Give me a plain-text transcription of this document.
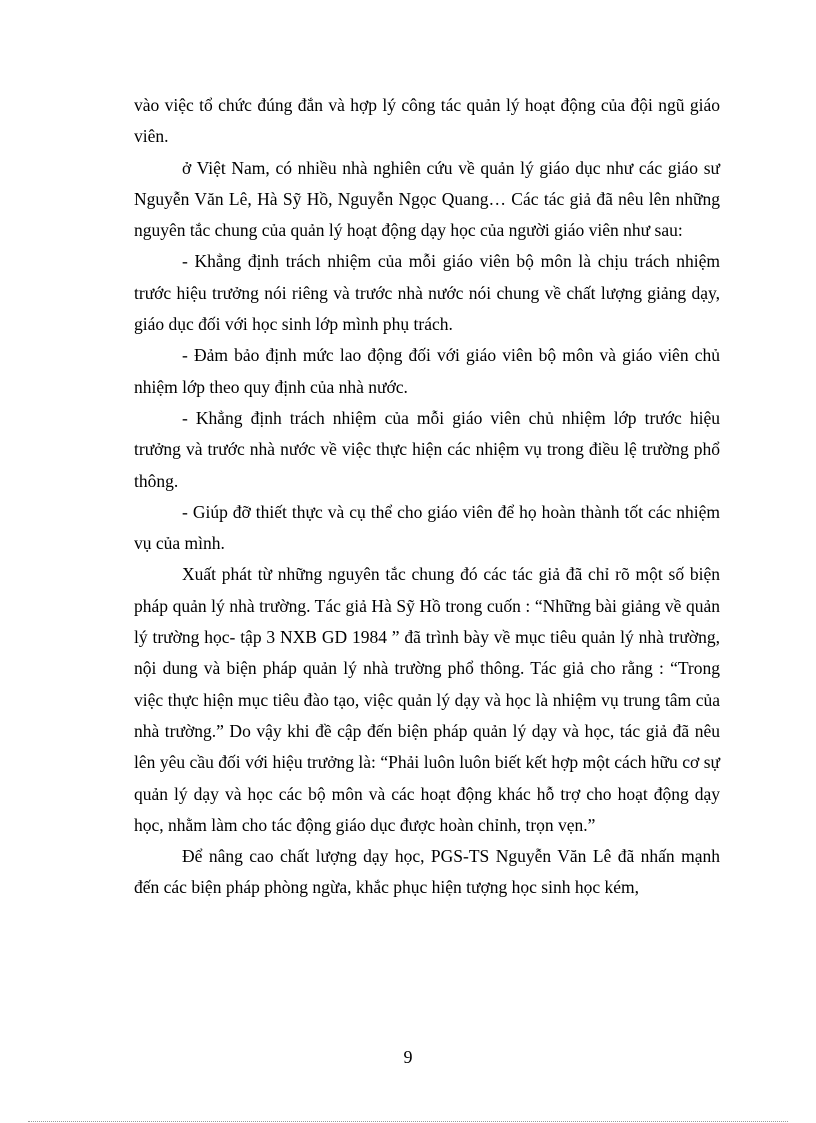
vào việc tổ chức đúng đắn và hợp lý công tác quản lý hoạt động của đội ngũ giáo viên.

ở Việt Nam, có nhiều nhà nghiên cứu về quản lý giáo dục như các giáo sư Nguyễn Văn Lê, Hà Sỹ Hồ, Nguyễn Ngọc Quang… Các tác giả đã nêu lên những nguyên tắc chung của quản lý hoạt động dạy học của người giáo viên như sau:

- Khẳng định trách nhiệm của mỗi giáo viên bộ môn là chịu trách nhiệm trước hiệu trưởng nói riêng và trước nhà nước nói chung về chất lượng giảng dạy, giáo dục đối với học sinh lớp mình phụ trách.

- Đảm bảo định mức lao động đối với giáo viên bộ môn và giáo viên chủ nhiệm lớp theo quy định của nhà nước.

- Khẳng định trách nhiệm của mỗi giáo viên chủ nhiệm lớp trước hiệu trưởng và trước nhà nước về việc thực hiện các nhiệm vụ trong điều lệ trường phổ thông.

- Giúp đỡ thiết thực và cụ thể cho giáo viên để họ hoàn thành tốt các nhiệm vụ của mình.

Xuất phát từ những nguyên tắc chung đó các tác giả đã chỉ rõ một số biện pháp quản lý nhà trường. Tác giả Hà Sỹ Hồ trong cuốn : “Những bài giảng về quản lý trường học- tập 3 NXB GD 1984 ” đã trình bày về mục tiêu quản lý nhà trường, nội dung và biện pháp quản lý nhà trường phổ thông. Tác giả cho rằng : “Trong việc thực hiện mục tiêu đào tạo, việc quản lý dạy và học là nhiệm vụ trung tâm của nhà trường.” Do vậy khi đề cập đến biện pháp quản lý dạy và học, tác giả đã nêu lên yêu cầu đối với hiệu trưởng là: “Phải luôn luôn biết kết hợp một cách hữu cơ sự quản lý dạy và học các bộ môn và các hoạt động khác hỗ trợ cho hoạt động dạy học, nhằm làm cho tác động giáo dục được hoàn chỉnh, trọn vẹn.”

Để nâng cao chất lượng dạy học, PGS-TS Nguyễn Văn Lê đã nhấn mạnh đến các biện pháp phòng ngừa, khắc phục hiện tượng học sinh học kém,

9
